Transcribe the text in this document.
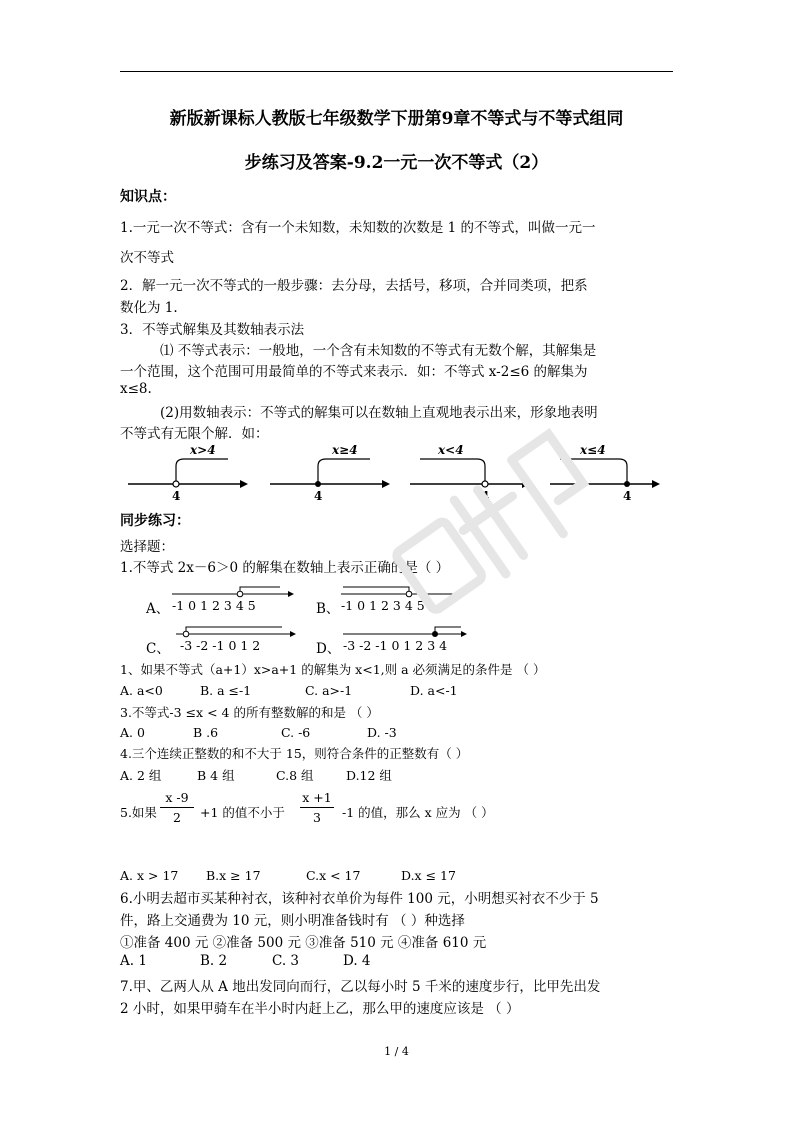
新版新课标人教版七年级数学下册第9章不等式与不等式组同
步练习及答案-9.2一元一次不等式（2）
知识点：
1.一元一次不等式：含有一个未知数，未知数的次数是 1 的不等式，叫做一元一
次不等式
2．解一元一次不等式的一般步骤：去分母，去括号，移项，合并同类项，把系
数化为 1.
3．不等式解集及其数轴表示法
⑴ 不等式表示：一般地，一个含有未知数的不等式有无数个解，其解集是
一个范围，这个范围可用最简单的不等式来表示．如：不等式 x-2≤6 的解集为
x≤8.
(2)用数轴表示：不等式的解集可以在数轴上直观地表示出来，形象地表明
不等式有无限个解．如：
x>4
4
x≥4
4
x<4
4
x≤4
4
同步练习：
选择题：
1.不等式 2x－6＞0 的解集在数轴上表示正确的是（ ）
A、 -1 0 1 2 3 4 5	B、 -1 0 1 2 3 4 5
C、 -3 -2 -1 0 1 2	D、 -3 -2 -1 0 1 2 3 4
1、如果不等式（a+1）x>a+1 的解集为 x<1,则 a 必须满足的条件是 （ ）
A. a<0	B. a ≤-1	C. a>-1	D. a<-1
3.不等式-3 ≤x < 4 的所有整数解的和是 （ ）
A. 0	B .6	C. -6	D. -3
4.三个连续正整数的和不大于 15，则符合条件的正整数有（ ）
A. 2 组	B 4 组	C.8 组	D.12 组
5.如果
x -9
2	+1 的值不小于
x +1
3	-1 的值，那么 x 应为 （ ）
A. x > 17 B.x ≥ 17	C.x < 17	D.x ≤ 17
6.小明去超市买某种衬衣，该种衬衣单价为每件 100 元，小明想买衬衣不少于 5
件，路上交通费为 10 元，则小明准备钱时有 （ ）种选择
①准备 400 元 ②准备 500 元 ③准备 510 元 ④准备 610 元
A. 1	B. 2	C. 3	D. 4
7.甲、乙两人从 A 地出发同向而行，乙以每小时 5 千米的速度步行，比甲先出发
2 小时，如果甲骑车在半小时内赶上乙，那么甲的速度应该是 （ ）
1 / 4
